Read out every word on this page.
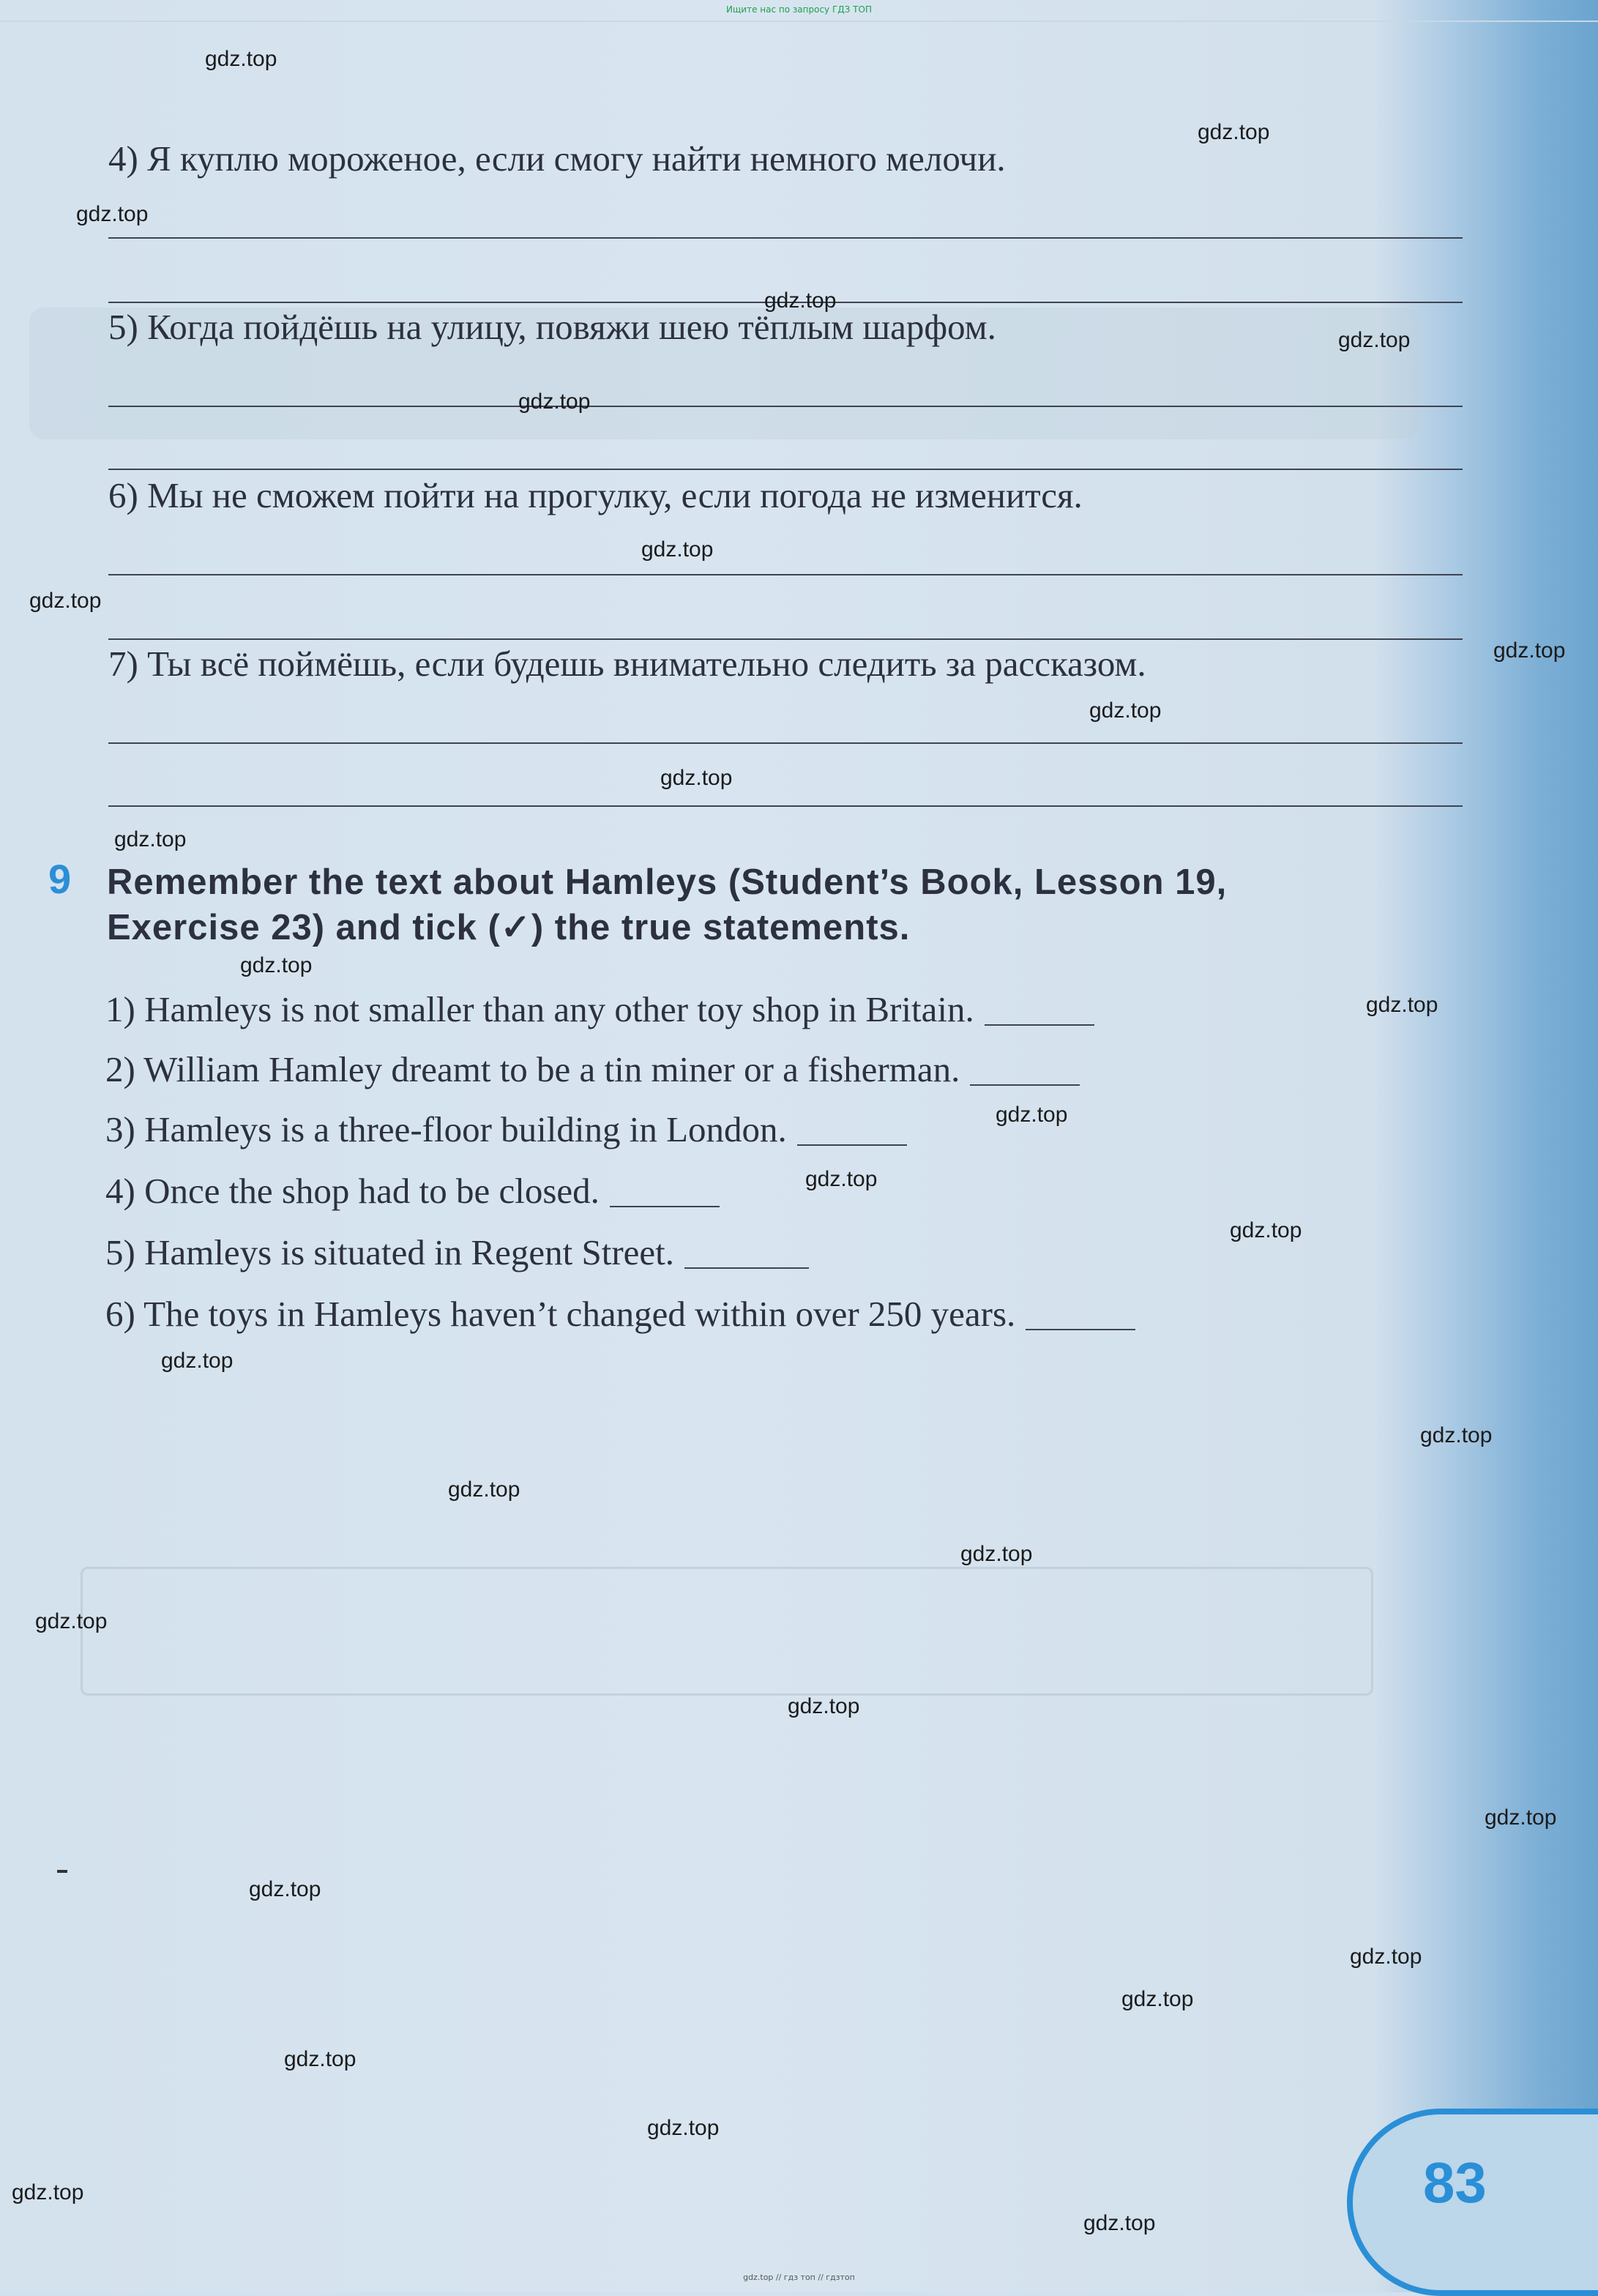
Ищите нас по запросу ГДЗ ТОП
4) Я куплю мороженое, если смогу найти немного мелочи.
5) Когда пойдёшь на улицу, повяжи шею тёплым шарфом.
6) Мы не сможем пойти на прогулку, если погода не изменится.
7) Ты всё поймёшь, если будешь внимательно следить за рассказом.
9 Remember the text about Hamleys (Student’s Book, Lesson 19,
Exercise 23) and tick (✓) the true statements.
1) Hamleys is not smaller than any other toy shop in Britain.
2) William Hamley dreamt to be a tin miner or a fisherman.
3) Hamleys is a three-floor building in London.
4) Once the shop had to be closed.
5) Hamleys is situated in Regent Street.
6) The toys in Hamleys haven’t changed within over 250 years.
83
gdz.top
gdz.top
gdz.top
gdz.top
gdz.top
gdz.top
gdz.top
gdz.top
gdz.top
gdz.top
gdz.top
gdz.top
gdz.top
gdz.top
gdz.top
gdz.top
gdz.top
gdz.top
gdz.top
gdz.top
gdz.top
gdz.top
gdz.top
gdz.top
gdz.top
gdz.top
gdz.top
gdz.top
gdz.top
gdz.top
gdz.top
gdz.top // гдз топ // гдзтоп
